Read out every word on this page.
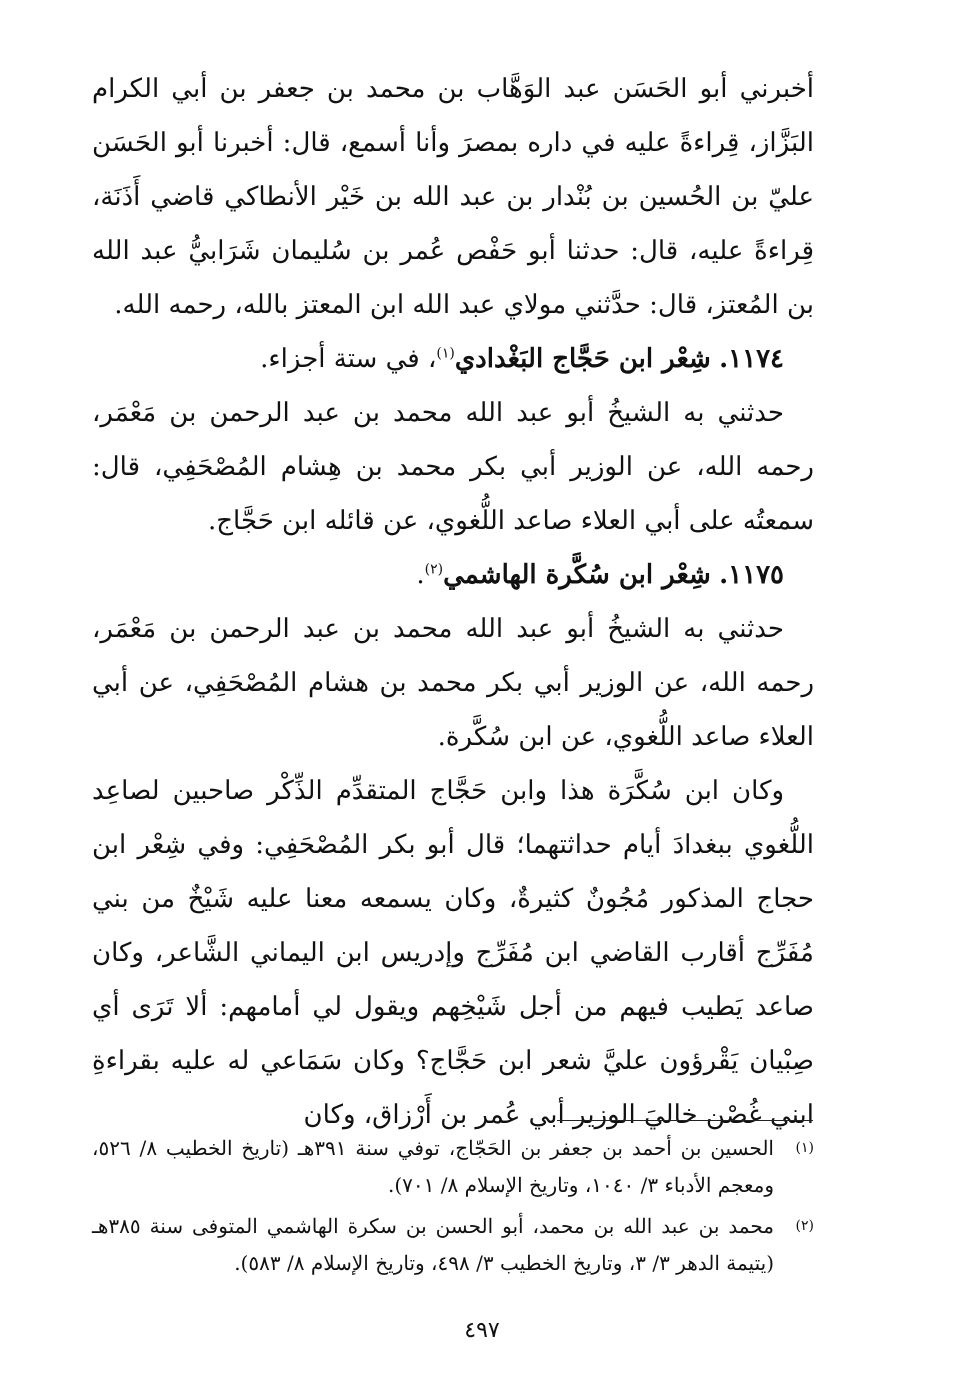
أخبرني أبو الحَسَن عبد الوَهَّاب بن محمد بن جعفر بن أبي الكرام البَزَّاز، قِراءةً عليه في داره بمصرَ وأنا أسمع، قال: أخبرنا أبو الحَسَن عليّ بن الحُسين بن بُنْدار بن عبد الله بن خَيْر الأنطاكي قاضي أَذَنَة، قِراءةً عليه، قال: حدثنا أبو حَفْص عُمر بن سُليمان شَرَابيُّ عبد الله بن المُعتز، قال: حدَّثني مولاي عبد الله ابن المعتز بالله، رحمه الله.

١١٧٤. شِعْر ابن حَجَّاج البَغْدادي$^{(١)}$، في ستة أجزاء.

حدثني به الشيخُ أبو عبد الله محمد بن عبد الرحمن بن مَعْمَر، رحمه الله، عن الوزير أبي بكر محمد بن هِشام المُصْحَفِي، قال: سمعتُه على أبي العلاء صاعد اللُّغوي، عن قائله ابن حَجَّاج.

١١٧٥. شِعْر ابن سُكَّرة الهاشمي$^{(٢)}$.

حدثني به الشيخُ أبو عبد الله محمد بن عبد الرحمن بن مَعْمَر، رحمه الله، عن الوزير أبي بكر محمد بن هشام المُصْحَفِي، عن أبي العلاء صاعد اللُّغوي، عن ابن سُكَّرة.

وكان ابن سُكَّرَة هذا وابن حَجَّاج المتقدِّم الذِّكْر صاحبين لصاعِد اللُّغوي ببغدادَ أيام حداثتهما؛ قال أبو بكر المُصْحَفِي: وفي شِعْر ابن حجاج المذكور مُجُونٌ كثيرةٌ، وكان يسمعه معنا عليه شَيْخٌ من بني مُفَرِّج أقارب القاضي ابن مُفَرِّج وإدريس ابن اليماني الشَّاعر، وكان صاعد يَطيب فيهم من أجل شَيْخِهم ويقول لي أمامهم: ألا تَرَى أي صِبْيان يَقْرؤون عليَّ شعر ابن حَجَّاج؟ وكان سَمَاعي له عليه بقراءةِ ابني غُصْن خاليَ الوزير أبي عُمر بن أَرْزاق، وكان

(١)
الحسين بن أحمد بن جعفر بن الحَجّاج، توفي سنة ٣٩١هـ (تاريخ الخطيب ٨/ ٥٢٦، ومعجم الأدباء ٣/ ١٠٤٠، وتاريخ الإسلام ٨/ ٧٠١).

(٢)
محمد بن عبد الله بن محمد، أبو الحسن بن سكرة الهاشمي المتوفى سنة ٣٨٥هـ (يتيمة الدهر ٣/ ٣، وتاريخ الخطيب ٣/ ٤٩٨، وتاريخ الإسلام ٨/ ٥٨٣).

٤٩٧
